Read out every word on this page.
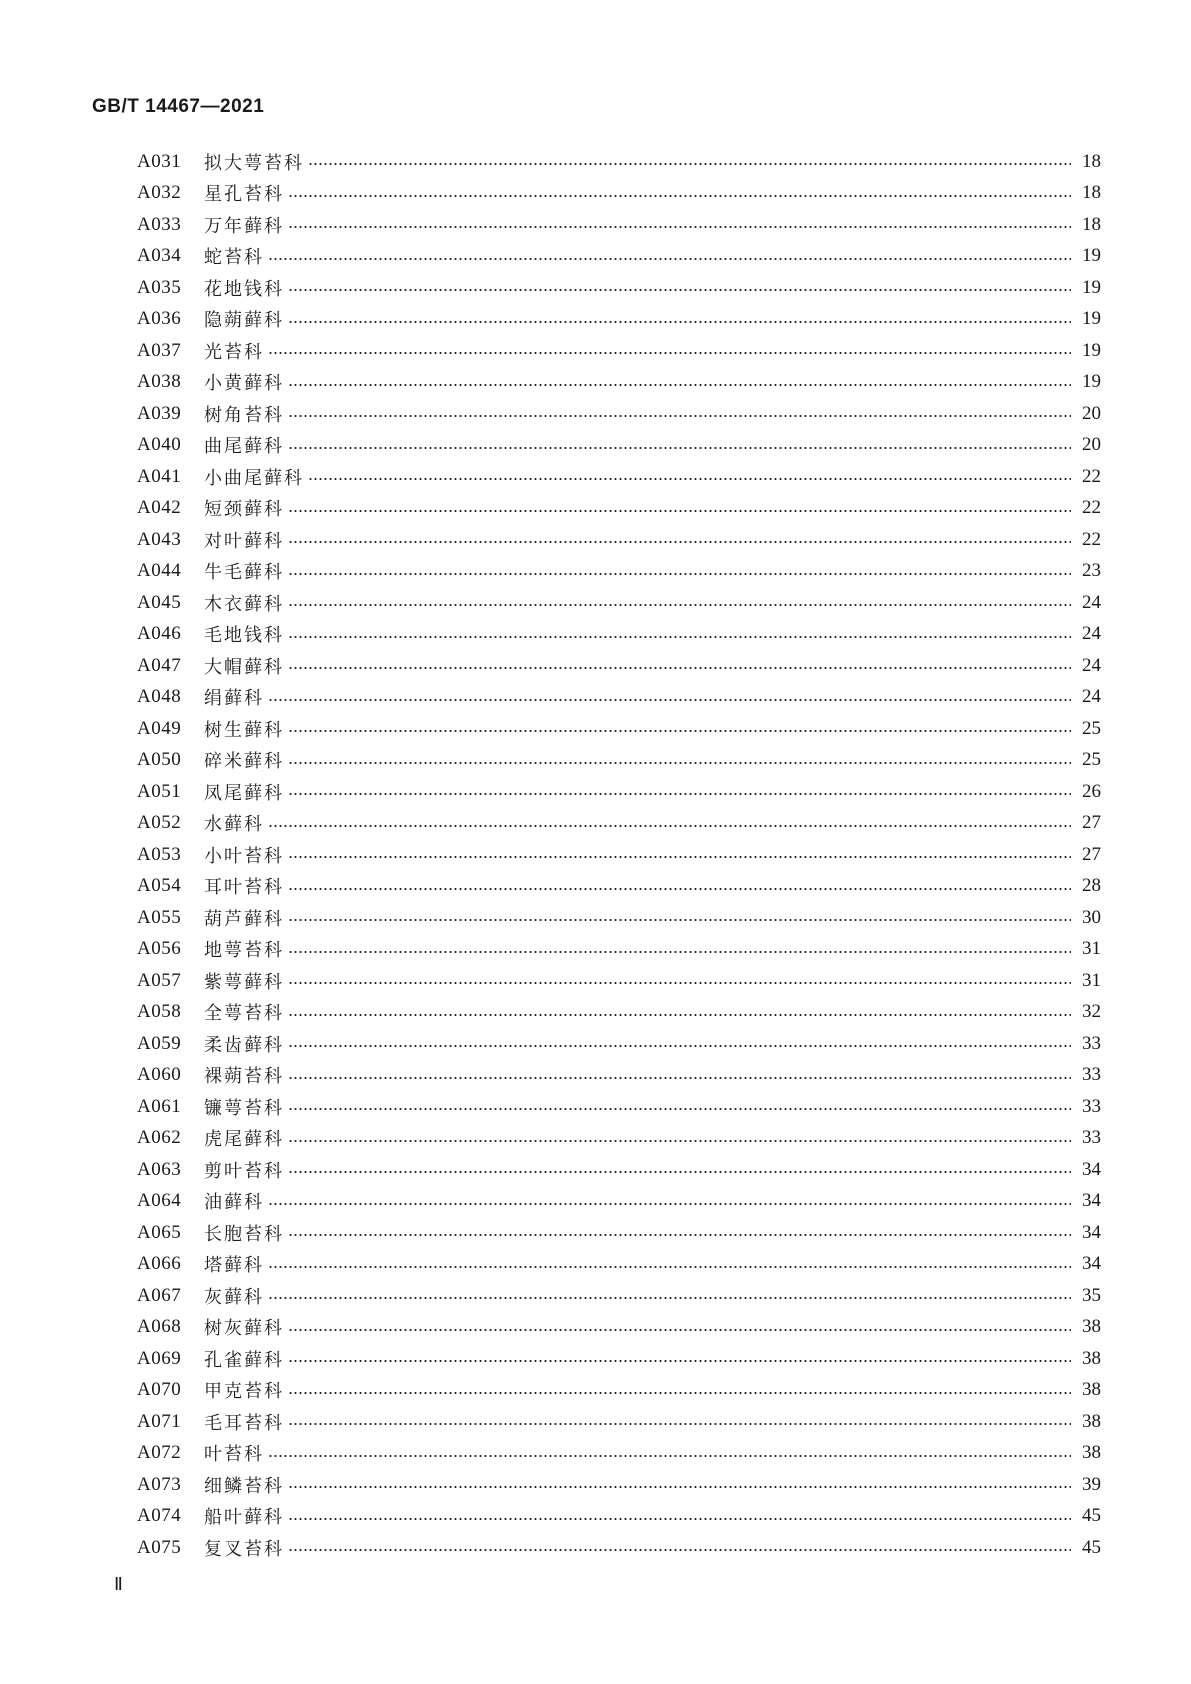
GB/T 14467—2021
A031	拟大萼苔科	18
A032	星孔苔科	18
A033	万年藓科	18
A034	蛇苔科	19
A035	花地钱科	19
A036	隐蒴藓科	19
A037	光苔科	19
A038	小黄藓科	19
A039	树角苔科	20
A040	曲尾藓科	20
A041	小曲尾藓科	22
A042	短颈藓科	22
A043	对叶藓科	22
A044	牛毛藓科	23
A045	木衣藓科	24
A046	毛地钱科	24
A047	大帽藓科	24
A048	绢藓科	24
A049	树生藓科	25
A050	碎米藓科	25
A051	凤尾藓科	26
A052	水藓科	27
A053	小叶苔科	27
A054	耳叶苔科	28
A055	葫芦藓科	30
A056	地萼苔科	31
A057	紫萼藓科	31
A058	全萼苔科	32
A059	柔齿藓科	33
A060	裸蒴苔科	33
A061	镰萼苔科	33
A062	虎尾藓科	33
A063	剪叶苔科	34
A064	油藓科	34
A065	长胞苔科	34
A066	塔藓科	34
A067	灰藓科	35
A068	树灰藓科	38
A069	孔雀藓科	38
A070	甲克苔科	38
A071	毛耳苔科	38
A072	叶苔科	38
A073	细鳞苔科	39
A074	船叶藓科	45
A075	复叉苔科	45
Ⅱ
